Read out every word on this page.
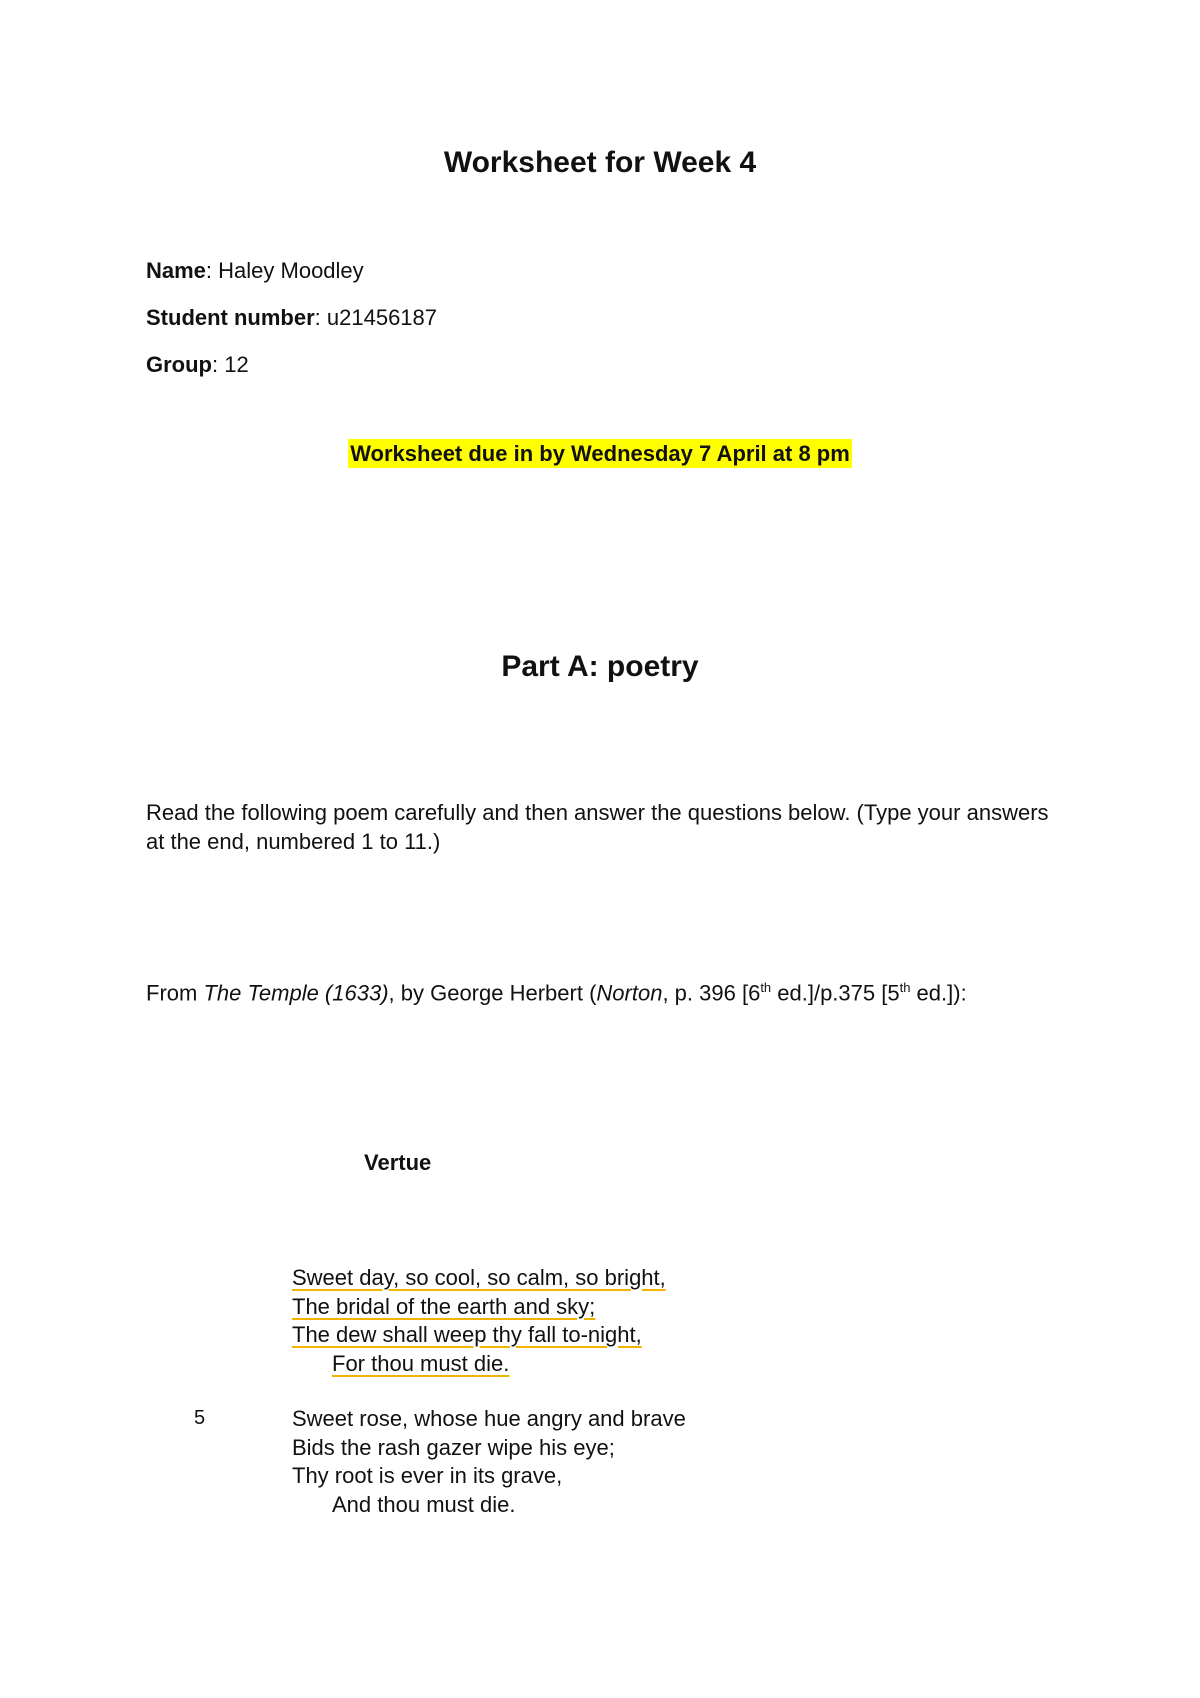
Worksheet for Week 4
Name: Haley Moodley
Student number: u21456187
Group: 12
Worksheet due in by Wednesday 7 April at 8 pm
Part A: poetry
Read the following poem carefully and then answer the questions below. (Type your answers at the end, numbered 1 to 11.)
From The Temple (1633), by George Herbert (Norton, p. 396 [6th ed.]/p.375 [5th ed.]):
Vertue
Sweet day, so cool, so calm, so bright,
The bridal of the earth and sky;
The dew shall weep thy fall to-night,
For thou must die.
5	Sweet rose, whose hue angry and brave
Bids the rash gazer wipe his eye;
Thy root is ever in its grave,
And thou must die.
